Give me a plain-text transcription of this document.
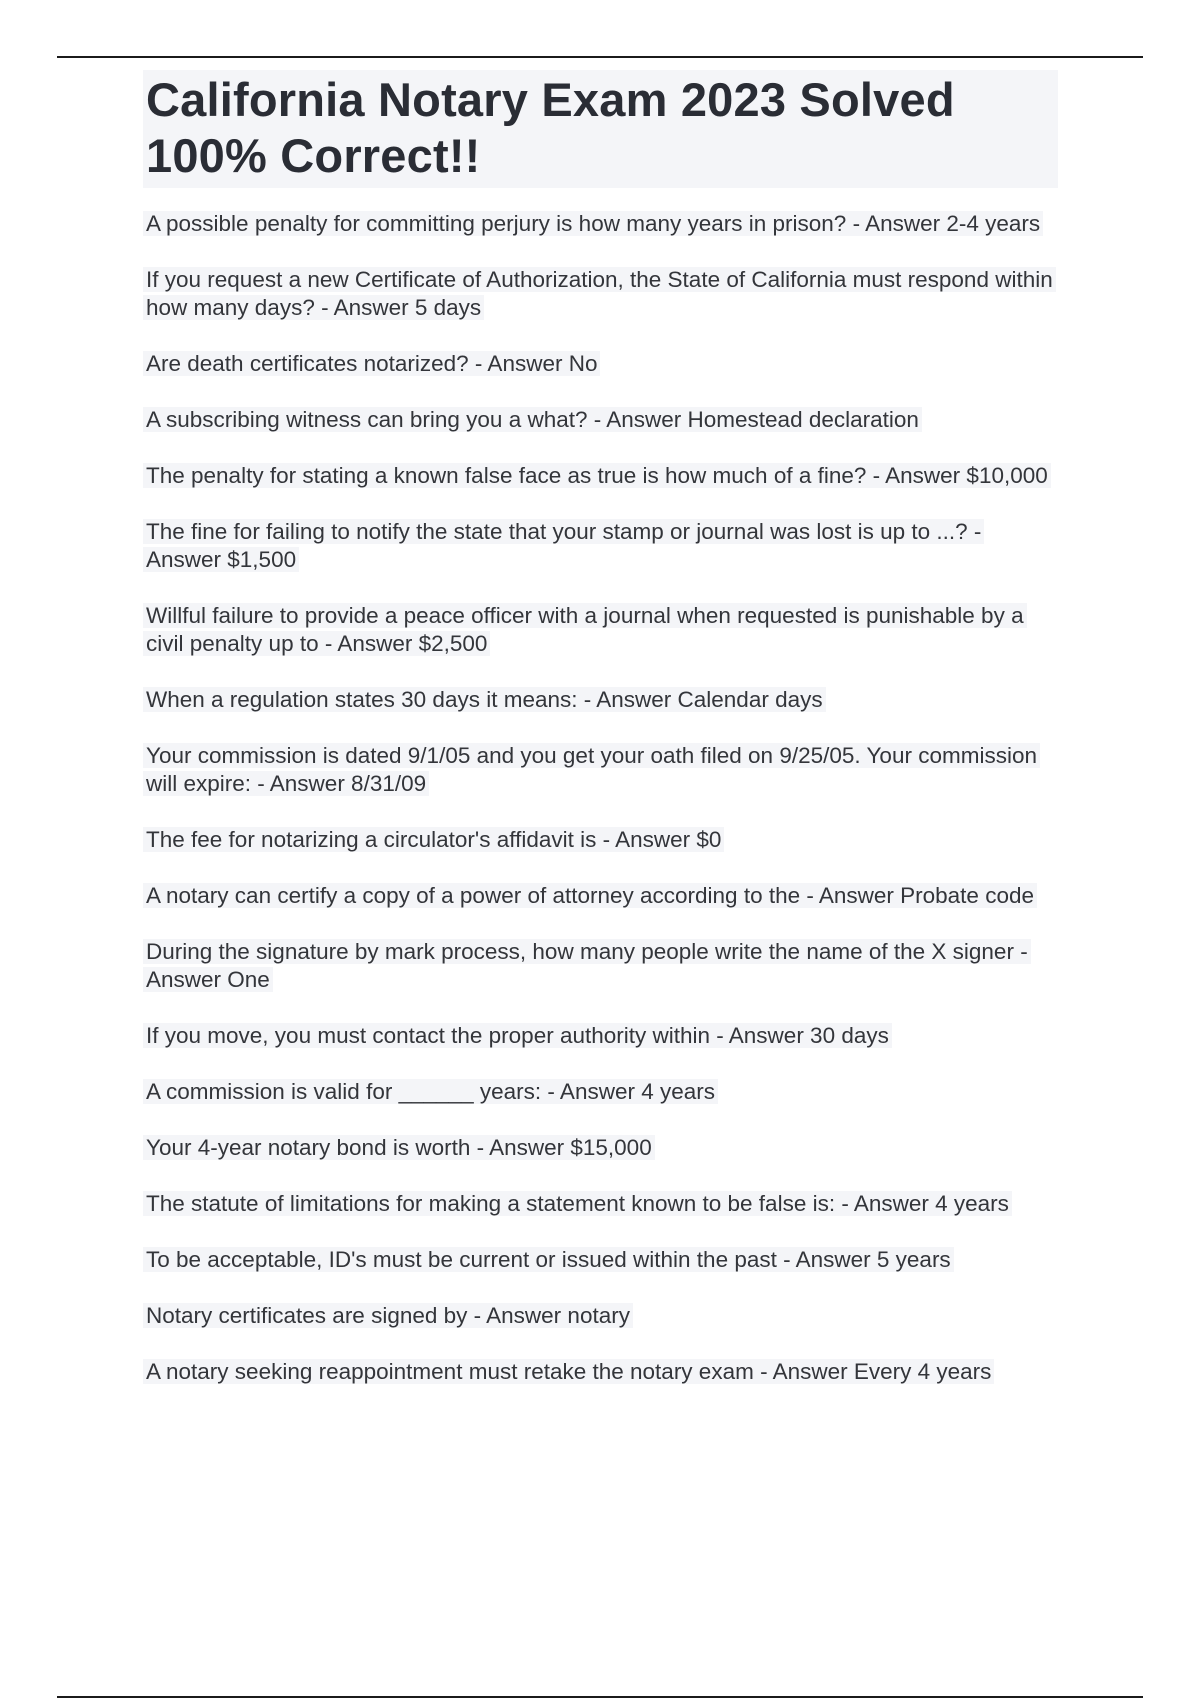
California Notary Exam 2023 Solved 100% Correct!!
A possible penalty for committing perjury is how many years in prison? - Answer 2-4 years
If you request a new Certificate of Authorization, the State of California must respond within how many days? - Answer 5 days
Are death certificates notarized? - Answer No
A subscribing witness can bring you a what? - Answer Homestead declaration
The penalty for stating a known false face as true is how much of a fine? - Answer $10,000
The fine for failing to notify the state that your stamp or journal was lost is up to ...? - Answer $1,500
Willful failure to provide a peace officer with a journal when requested is punishable by a civil penalty up to - Answer $2,500
When a regulation states 30 days it means: - Answer Calendar days
Your commission is dated 9/1/05 and you get your oath filed on 9/25/05. Your commission will expire: - Answer 8/31/09
The fee for notarizing a circulator's affidavit is - Answer $0
A notary can certify a copy of a power of attorney according to the - Answer Probate code
During the signature by mark process, how many people write the name of the X signer - Answer One
If you move, you must contact the proper authority within - Answer 30 days
A commission is valid for ______ years: - Answer 4 years
Your 4-year notary bond is worth - Answer $15,000
The statute of limitations for making a statement known to be false is: - Answer 4 years
To be acceptable, ID's must be current or issued within the past - Answer 5 years
Notary certificates are signed by - Answer notary
A notary seeking reappointment must retake the notary exam - Answer Every 4 years
